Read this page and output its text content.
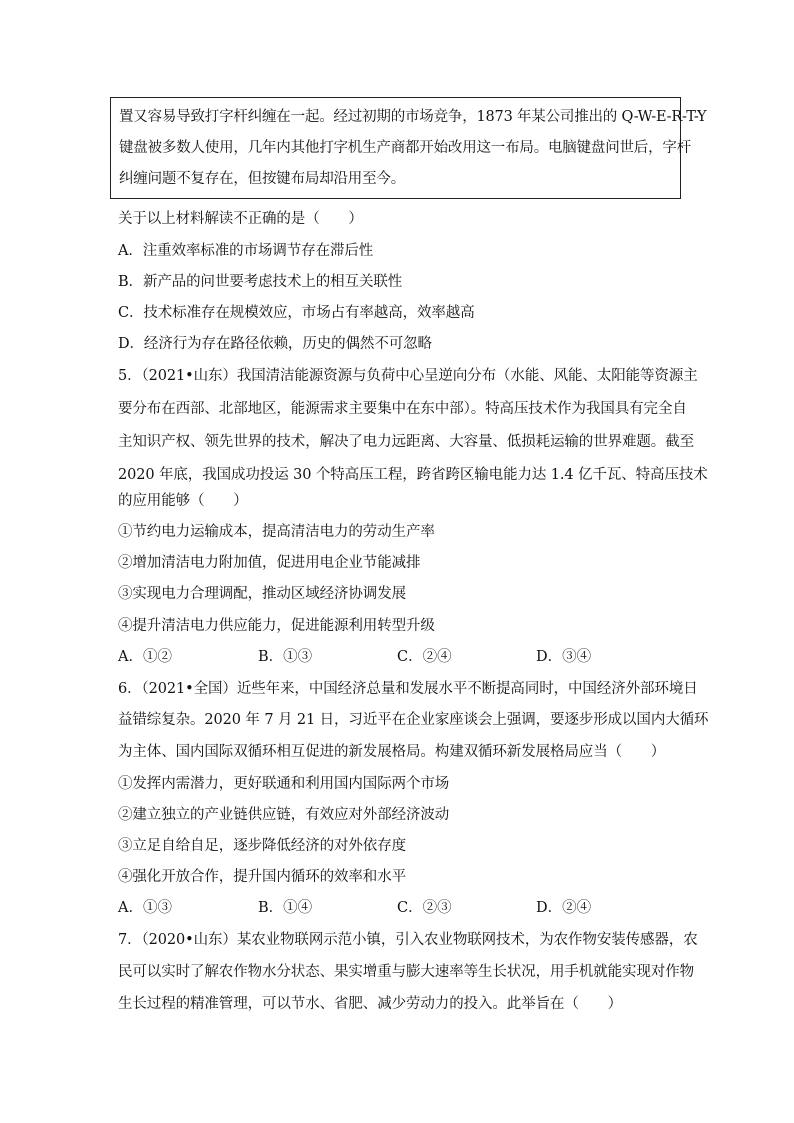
置又容易导致打字杆纠缠在一起。经过初期的市场竞争，1873 年某公司推出的 Q-W-E-R-T-Y
键盘被多数人使用，几年内其他打字机生产商都开始改用这一布局。电脑键盘问世后，字杆
纠缠问题不复存在，但按键布局却沿用至今。
关于以上材料解读不正确的是（　　）
A．注重效率标准的市场调节存在滞后性
B．新产品的问世要考虑技术上的相互关联性
C．技术标准存在规模效应，市场占有率越高，效率越高
D．经济行为存在路径依赖，历史的偶然不可忽略
5．（2021•山东）我国清洁能源资源与负荷中心呈逆向分布（水能、风能、太阳能等资源主
要分布在西部、北部地区，能源需求主要集中在东中部）。特高压技术作为我国具有完全自
主知识产权、领先世界的技术，解决了电力远距离、大容量、低损耗运输的世界难题。截至
2020 年底，我国成功投运 30 个特高压工程，跨省跨区输电能力达 1.4 亿千瓦、特高压技术
的应用能够（　　）
①节约电力运输成本，提高清洁电力的劳动生产率
②增加清洁电力附加值，促进用电企业节能减排
③实现电力合理调配，推动区域经济协调发展
④提升清洁电力供应能力，促进能源利用转型升级
A．①②	B．①③	C．②④	D．③④
6．（2021•全国）近些年来，中国经济总量和发展水平不断提高同时，中国经济外部环境日
益错综复杂。2020 年 7 月 21 日，习近平在企业家座谈会上强调，要逐步形成以国内大循环
为主体、国内国际双循环相互促进的新发展格局。构建双循环新发展格局应当（　　）
①发挥内需潜力，更好联通和利用国内国际两个市场
②建立独立的产业链供应链，有效应对外部经济波动
③立足自给自足，逐步降低经济的对外依存度
④强化开放合作，提升国内循环的效率和水平
A．①③	B．①④	C．②③	D．②④
7．（2020•山东）某农业物联网示范小镇，引入农业物联网技术，为农作物安装传感器，农
民可以实时了解农作物水分状态、果实增重与膨大速率等生长状况，用手机就能实现对作物
生长过程的精准管理，可以节水、省肥、减少劳动力的投入。此举旨在（　　）
